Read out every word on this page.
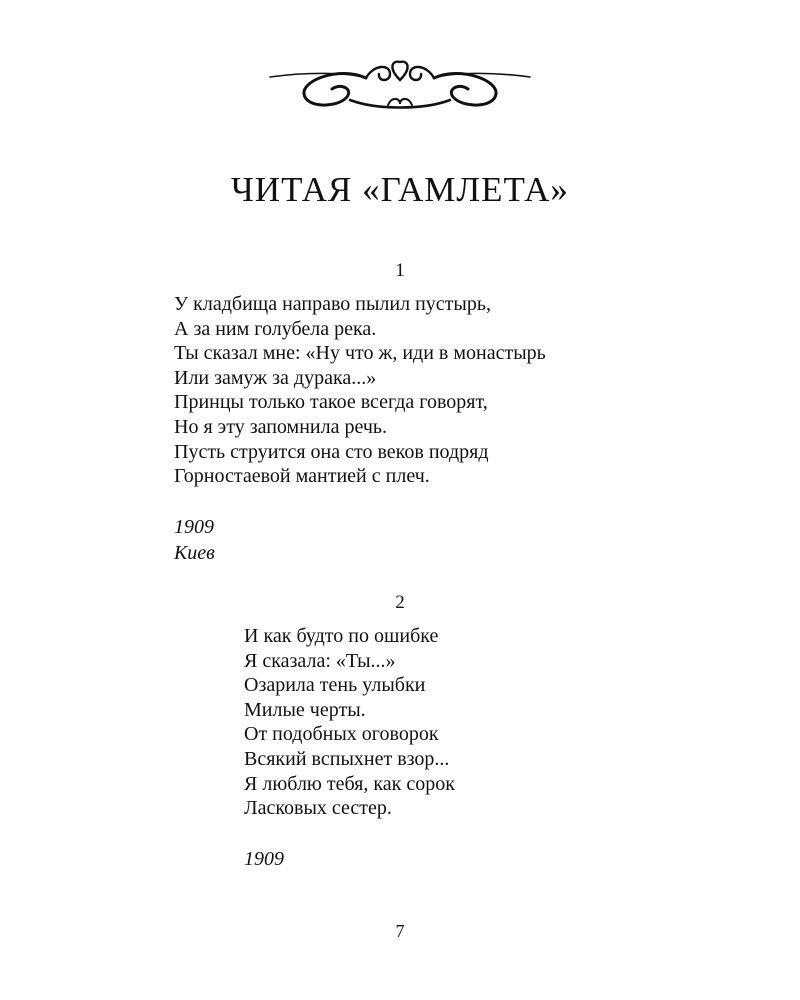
ЧИТАЯ «ГАМЛЕТА»
1
У кладбища направо пылил пустырь,
А за ним голубела река.
Ты сказал мне: «Ну что ж, иди в монастырь
Или замуж за дурака...»
Принцы только такое всегда говорят,
Но я эту запомнила речь.
Пусть струится она сто веков подряд
Горностаевой мантией с плеч.
1909
Киев
2
И как будто по ошибке
Я сказала: «Ты...»
Озарила тень улыбки
Милые черты.
От подобных оговорок
Всякий вспыхнет взор...
Я люблю тебя, как сорок
Ласковых сестер.
1909
7
